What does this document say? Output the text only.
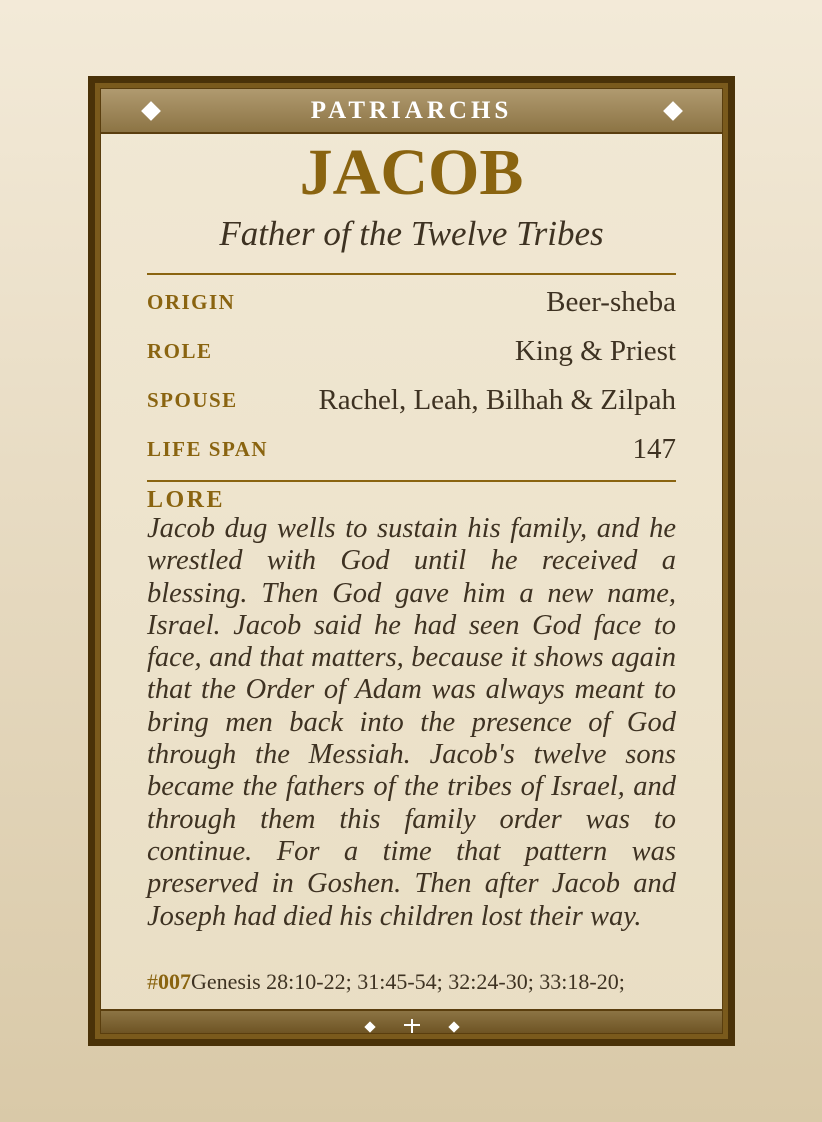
PATRIARCHS
JACOB
Father of the Twelve Tribes
ORIGIN	Beer-sheba
ROLE	King & Priest
SPOUSE	Rachel, Leah, Bilhah & Zilpah
LIFE SPAN	147
LORE
Jacob dug wells to sustain his family, and he wrestled with God until he received a blessing. Then God gave him a new name, Israel. Jacob said he had seen God face to face, and that matters, because it shows again that the Order of Adam was always meant to bring men back into the presence of God through the Messiah. Jacob's twelve sons became the fathers of the tribes of Israel, and through them this family order was to continue. For a time that pattern was preserved in Goshen. Then after Jacob and Joseph had died his children lost their way.
#007Genesis 28:10-22; 31:45-54; 32:24-30; 33:18-20;
